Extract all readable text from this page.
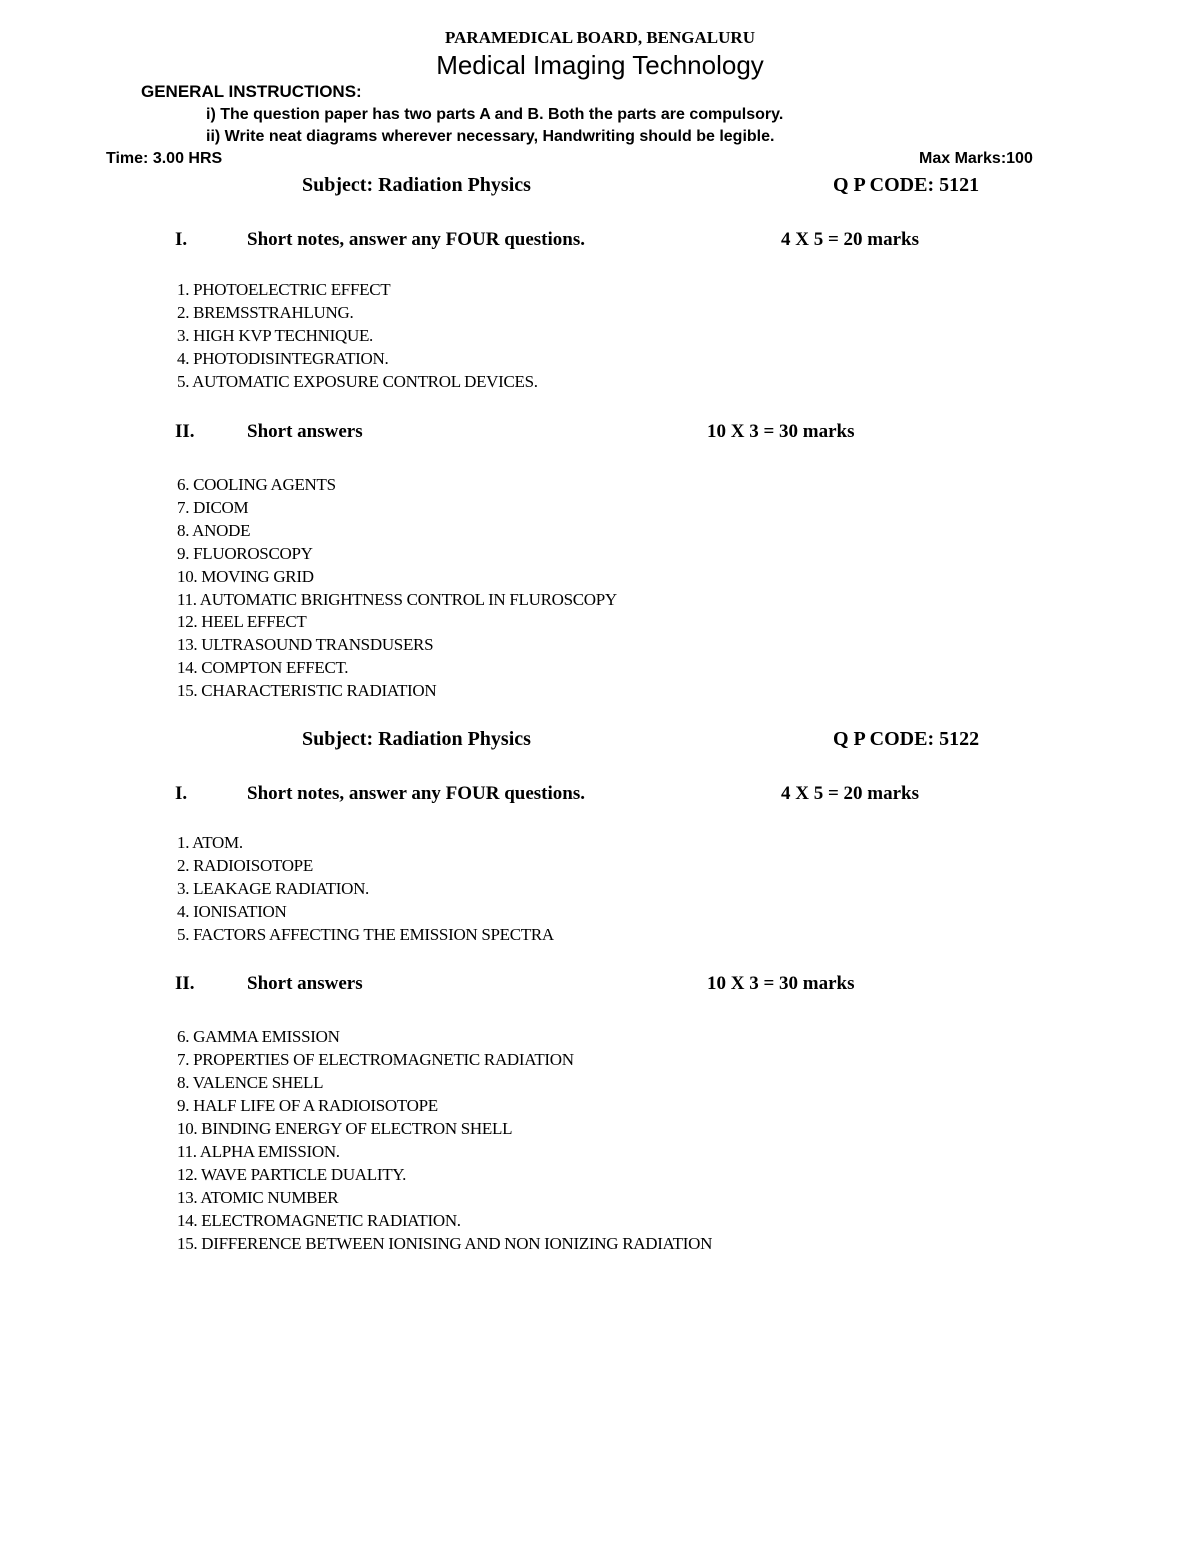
PARAMEDICAL BOARD, BENGALURU
Medical Imaging Technology
GENERAL INSTRUCTIONS:
i) The question paper has two parts A and B. Both the parts are compulsory.
ii) Write neat diagrams wherever necessary, Handwriting should be legible.
Time: 3.00 HRS	Max Marks:100
Subject: Radiation Physics	Q P CODE: 5121
I.	Short notes, answer any FOUR questions.	4 X 5 = 20 marks
1. PHOTOELECTRIC EFFECT
2. BREMSSTRAHLUNG.
3. HIGH KVP TECHNIQUE.
4. PHOTODISINTEGRATION.
5. AUTOMATIC EXPOSURE CONTROL DEVICES.
II.	Short answers	10 X 3 = 30 marks
6. COOLING AGENTS
7. DICOM
8. ANODE
9. FLUOROSCOPY
10. MOVING GRID
11. AUTOMATIC BRIGHTNESS CONTROL IN FLUROSCOPY
12. HEEL EFFECT
13. ULTRASOUND TRANSDUSERS
14. COMPTON EFFECT.
15. CHARACTERISTIC RADIATION
Subject: Radiation Physics	Q P CODE: 5122
I.	Short notes, answer any FOUR questions.	4 X 5 = 20 marks
1. ATOM.
2. RADIOISOTOPE
3. LEAKAGE RADIATION.
4. IONISATION
5. FACTORS AFFECTING THE EMISSION SPECTRA
II.	Short answers	10 X 3 = 30 marks
6. GAMMA EMISSION
7. PROPERTIES OF ELECTROMAGNETIC RADIATION
8. VALENCE SHELL
9. HALF LIFE OF A RADIOISOTOPE
10. BINDING ENERGY OF ELECTRON SHELL
11. ALPHA EMISSION.
12. WAVE PARTICLE DUALITY.
13. ATOMIC NUMBER
14. ELECTROMAGNETIC RADIATION.
15. DIFFERENCE BETWEEN IONISING AND NON IONIZING RADIATION
